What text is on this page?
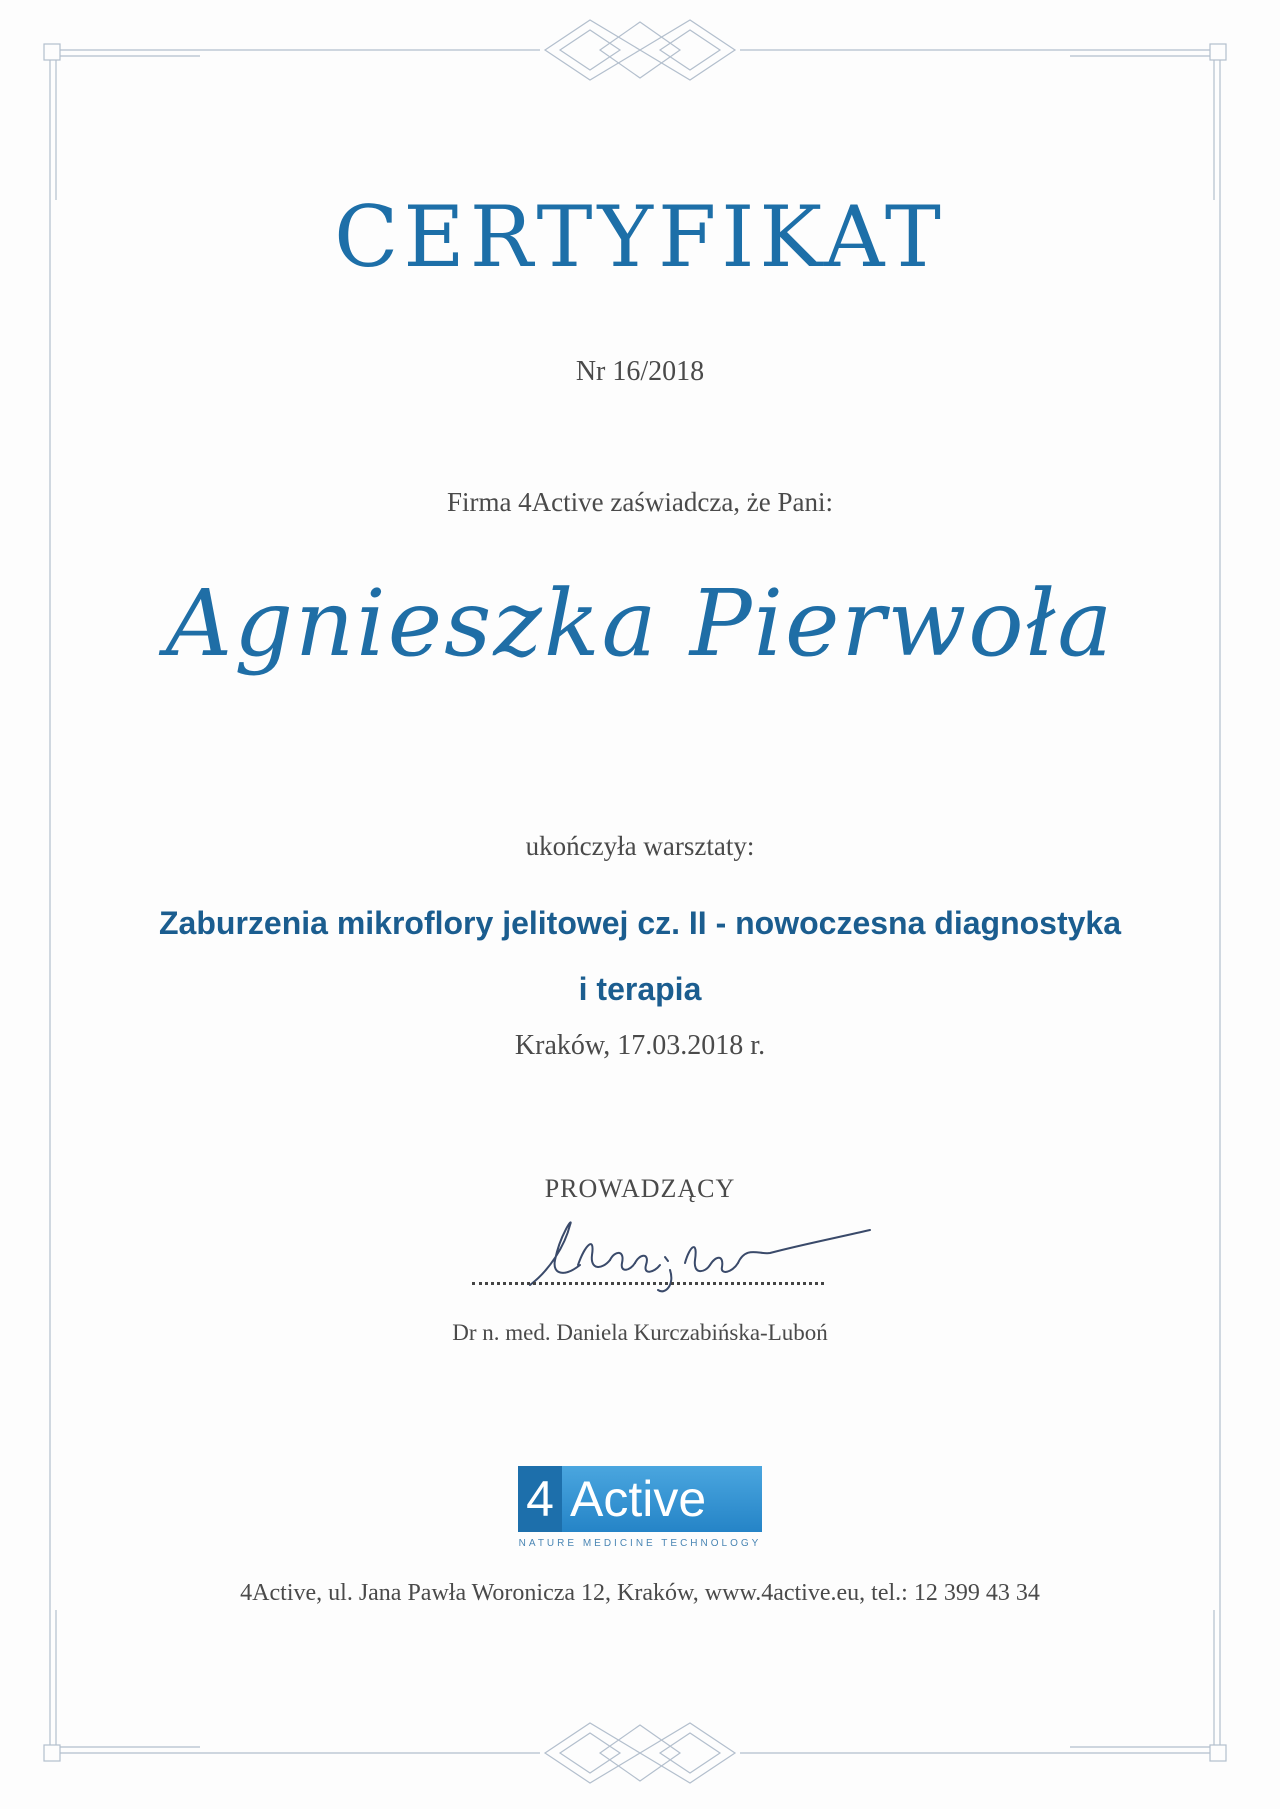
CERTYFIKAT
Nr 16/2018
Firma 4Active zaświadcza, że Pani:
Agnieszka Pierwoła
ukończyła warsztaty:
Zaburzenia mikroflory jelitowej cz. II - nowoczesna diagnostyka
i terapia
Kraków, 17.03.2018 r.
PROWADZĄCY
Dr n. med. Daniela Kurczabińska-Luboń
4 Active
NATURE MEDICINE TECHNOLOGY
4Active, ul. Jana Pawła Woronicza 12, Kraków, www.4active.eu, tel.: 12 399 43 34
